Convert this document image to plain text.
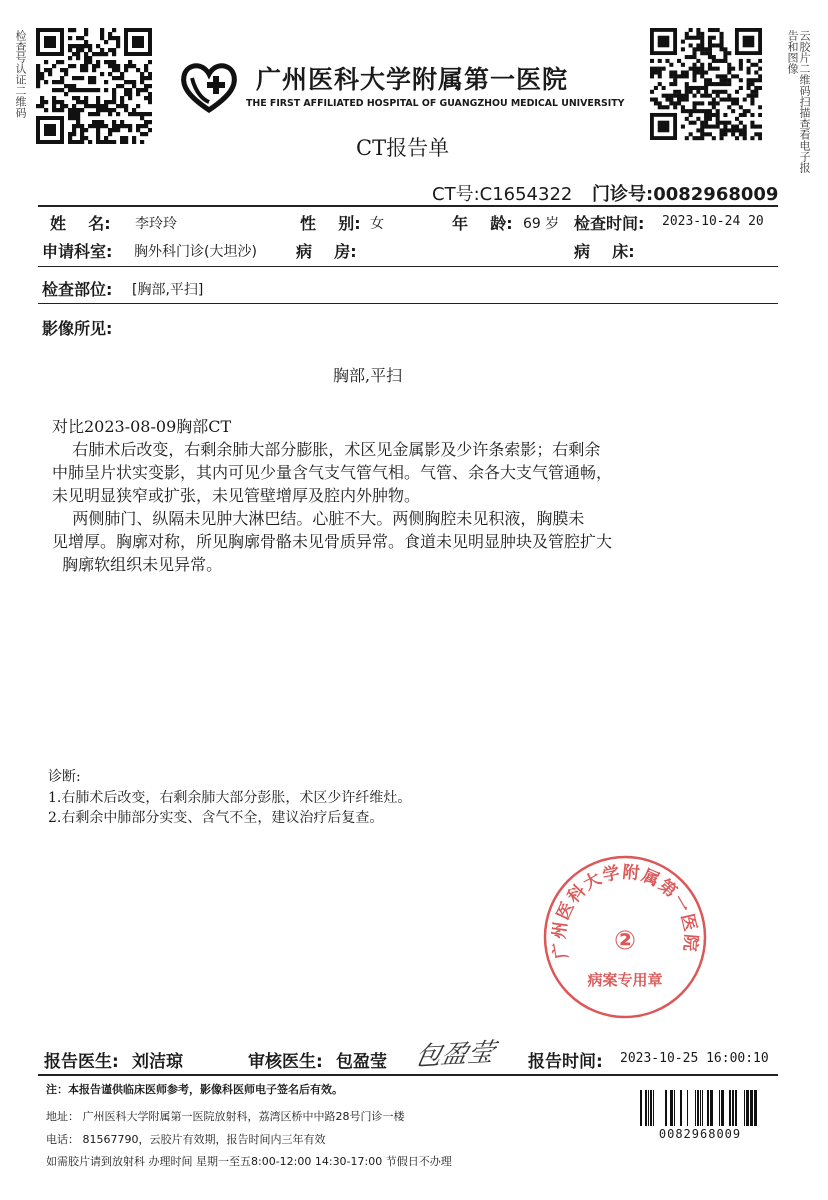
检查号认证二维码	云胶片二维码扫描查看电子报告和图像
广州医科大学附属第一医院
THE FIRST AFFILIATED HOSPITAL OF GUANGZHOU MEDICAL UNIVERSITY
CT报告单
CT号:C1654322 门诊号:0082968009
姓    名: 李玲玲	性    别: 女	年    龄: 69 岁 检查时间: 2023-10-24 20
申请科室: 胸外科门诊(大坦沙) 病    房:	病    床:
检查部位: [胸部,平扫]
影像所见:
胸部,平扫
对比2023-08-09胸部CT
右肺术后改变，右剩余肺大部分膨胀，术区见金属影及少许条索影；右剩余
中肺呈片状实变影，其内可见少量含气支气管气相。气管、余各大支气管通畅，
未见明显狭窄或扩张，未见管壁增厚及腔内外肿物。
两侧肺门、纵隔未见肿大淋巴结。心脏不大。两侧胸腔未见积液，胸膜未
见增厚。胸廓对称，所见胸廓骨骼未见骨质异常。食道未见明显肿块及管腔扩大
胸廓软组织未见异常。
诊断:
1.右肺术后改变，右剩余肺大部分彭胀，术区少许纤维灶。
2.右剩余中肺部分实变、含气不全，建议治疗后复查。
广州医科大学附属第一医院
②
病案专用章
报告医生: 刘洁琼	审核医生: 包盈莹 包盈莹 报告时间: 2023-10-25 16:00:10
注：本报告谨供临床医师参考，影像科医师电子签名后有效。
地址： 广州医科大学附属第一医院放射科，荔湾区桥中中路28号门诊一楼
电话： 81567790，云胶片有效期，报告时间内三年有效
如需胶片请到放射科 办理时间 星期一至五8:00-12:00 14:30-17:00 节假日不办理
0082968009
